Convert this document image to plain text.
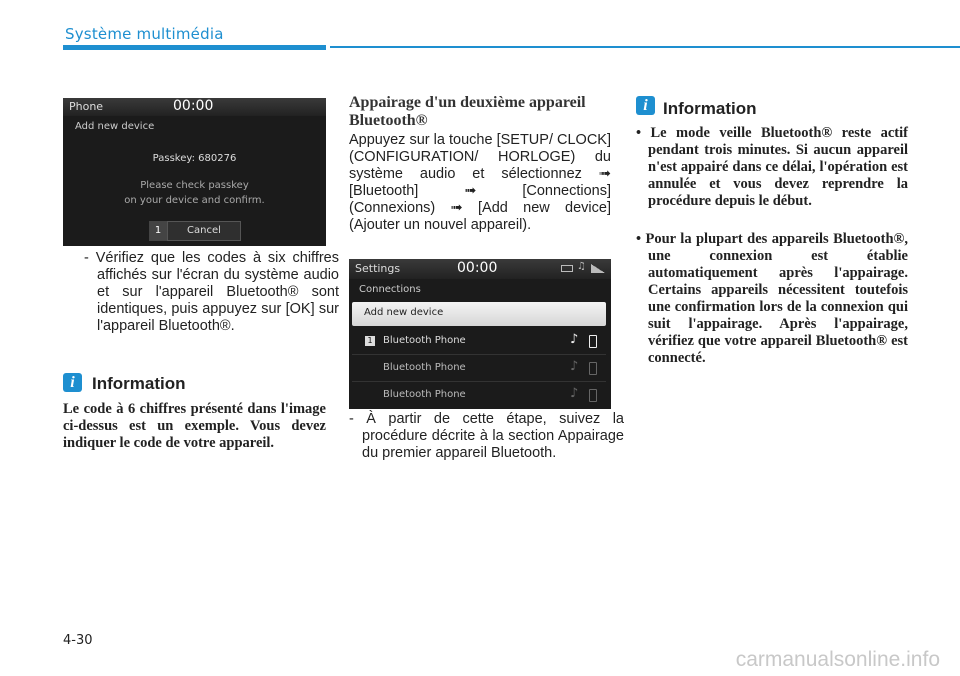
Système multimédia
Phone	00:00
Add new device
Passkey: 680276
Please check passkey
on your device and confirm.
1	Cancel
- Vérifiez que les codes à six chiffres affichés sur l'écran du système audio et sur l'appareil Bluetooth® sont identiques, puis appuyez sur [OK] sur l'appareil Bluetooth®.
i	Information
Le code à 6 chiffres présenté dans l'image ci-dessus est un exemple. Vous devez indiquer le code de votre appareil.
Appairage d'un deuxième appareil Bluetooth®
Appuyez sur la touche [SETUP/ CLOCK] (CONFIGURATION/ HORLOGE) du système audio et sélectionnez ➟ [Bluetooth] ➟ [Connections] (Connexions) ➟ [Add new device] (Ajouter un nouvel appareil).
Settings	00:00	♫
Connections
Add new device
1 Bluetooth Phone	♪
Bluetooth Phone	♪
Bluetooth Phone	♪
- À partir de cette étape, suivez la procédure décrite à la section Appairage du premier appareil Bluetooth.
i Information
• Le mode veille Bluetooth® reste actif pendant trois minutes. Si aucun appareil n'est appairé dans ce délai, l'opération est annulée et vous devez reprendre la procédure depuis le début.
• Pour la plupart des appareils Bluetooth®, une connexion est établie automatiquement après l'appairage. Certains appareils nécessitent toutefois une confirmation lors de la connexion qui suit l'appairage. Après l'appairage, vérifiez que votre appareil Bluetooth® est connecté.
4-30
carmanualsonline.info
